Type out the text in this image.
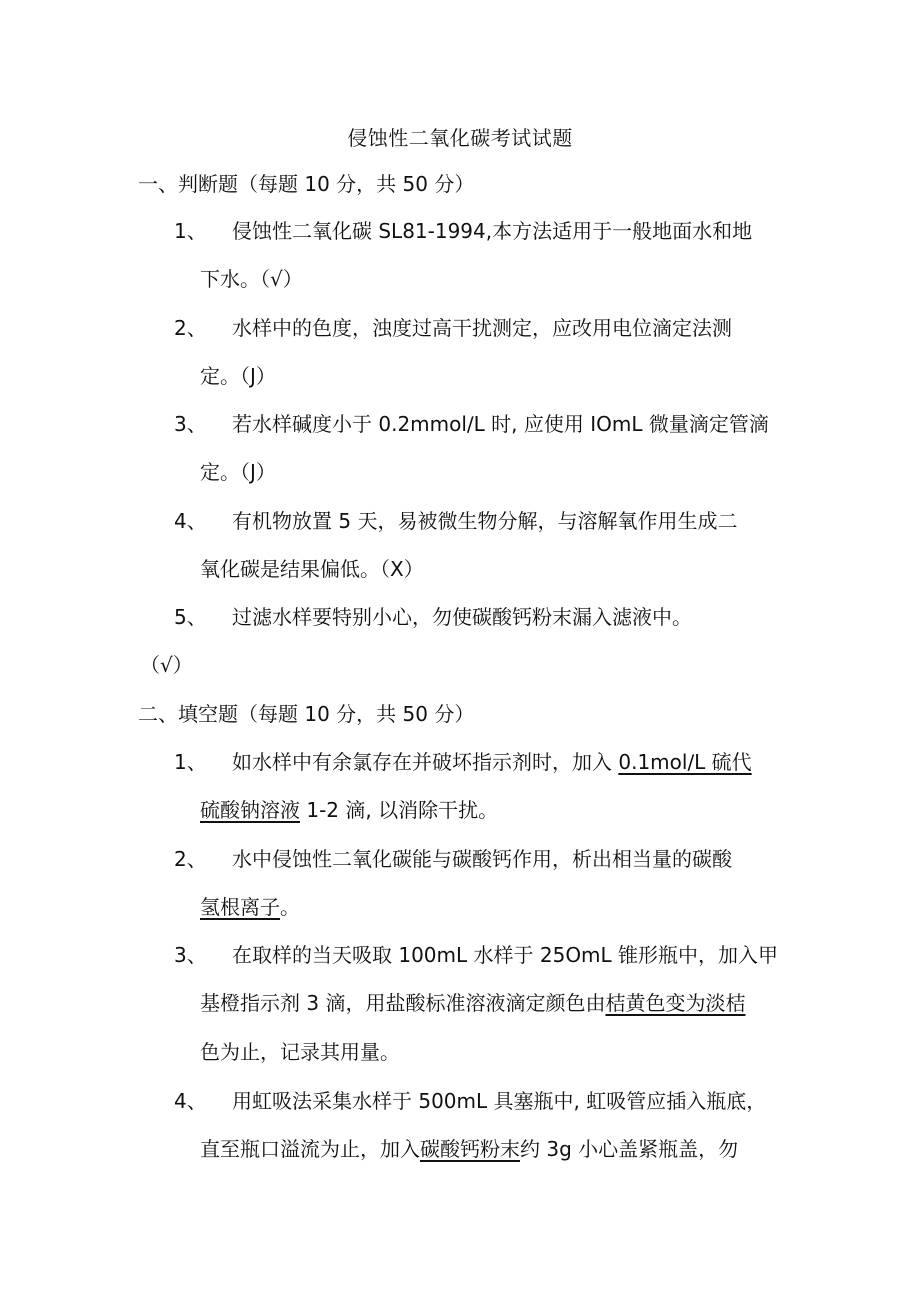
侵蚀性二氧化碳考试试题
一、判断题（每题 10 分，共 50 分）
1、 侵蚀性二氧化碳 SL81-1994,本方法适用于一般地面水和地
下水。（√）
2、 水样中的色度，浊度过高干扰测定，应改用电位滴定法测
定。（J）
3、 若水样碱度小于 0.2mmol∕L 时, 应使用 IOmL 微量滴定管滴
定。（J）
4、 有机物放置 5 天，易被微生物分解，与溶解氧作用生成二
氧化碳是结果偏低。（X）
5、 过滤水样要特别小心，勿使碳酸钙粉末漏入滤液中。
（√）
二、填空题（每题 10 分，共 50 分）
1、 如水样中有余氯存在并破坏指示剂时，加入 0.1mol∕L 硫代
硫酸钠溶液 1-2 滴, 以消除干扰。
2、 水中侵蚀性二氧化碳能与碳酸钙作用，析出相当量的碳酸
氢根离子。
3、 在取样的当天吸取 100mL 水样于 25OmL 锥形瓶中，加入甲
基橙指示剂 3 滴，用盐酸标准溶液滴定颜色由桔黄色变为淡桔
色为止，记录其用量。
4、 用虹吸法采集水样于 500mL 具塞瓶中, 虹吸管应插入瓶底，
直至瓶口溢流为止，加入碳酸钙粉末约 3g 小心盖紧瓶盖，勿
